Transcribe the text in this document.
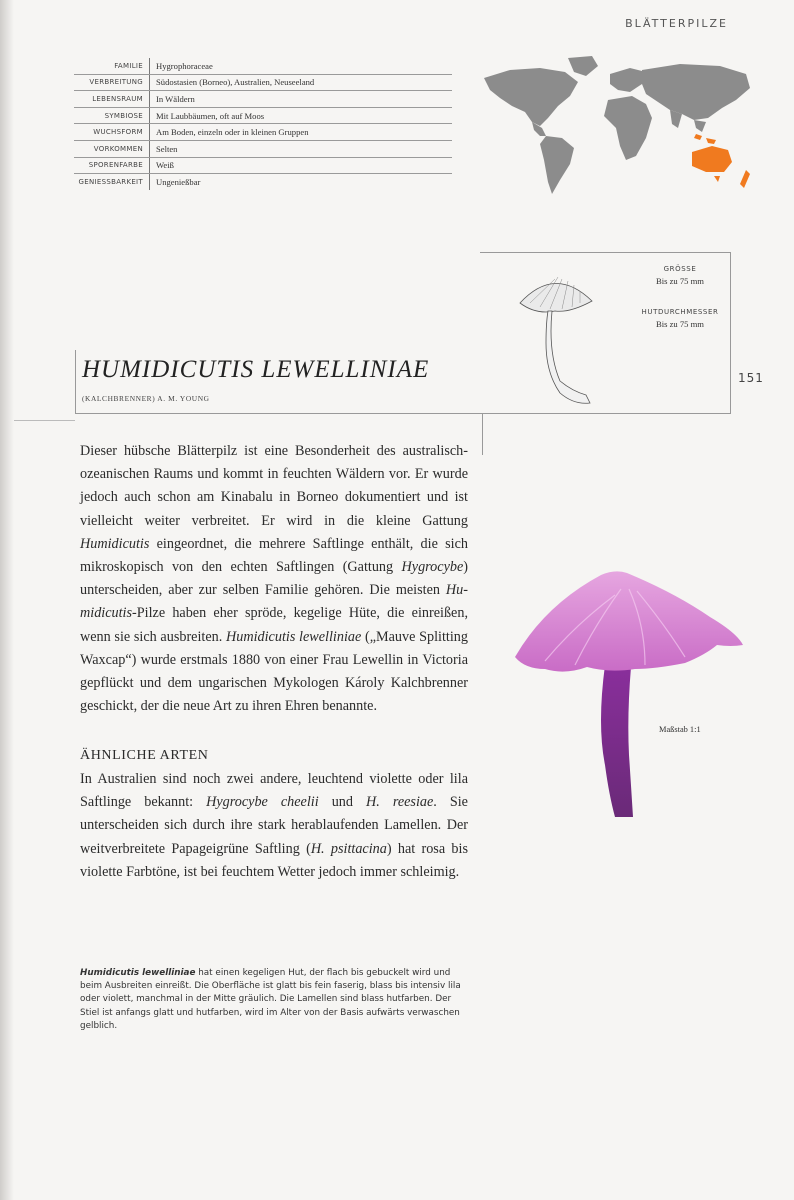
BLÄTTERPILZE
151
FAMILIE	Hygrophoraceae
VERBREITUNG	Südostasien (Borneo), Australien, Neuseeland
LEBENSRAUM	In Wäldern
SYMBIOSE	Mit Laubbäumen, oft auf Moos
WUCHSFORM	Am Boden, einzeln oder in kleinen Gruppen
VORKOMMEN	Selten
SPORENFARBE	Weiß
GENIESSBARKEIT	Ungenießbar
GRÖSSE
Bis zu 75 mm
HUTDURCHMESSER
Bis zu 75 mm
HUMIDICUTIS LEWELLINIAE
(KALCHBRENNER) A. M. YOUNG

Dieser hübsche Blätterpilz ist eine Besonderheit des australisch-ozeanischen Raums und kommt in feuchten Wäldern vor. Er wurde jedoch auch schon am Kinabalu in Borneo dokumentiert und ist vielleicht weiter verbreitet. Er wird in die kleine Gattung Humidicutis eingeordnet, die mehrere Saftlinge enthält, die sich mikroskopisch von den echten Saftlingen (Gattung Hygrocybe) unterscheiden, aber zur selben Familie gehören. Die meisten Humidicutis-Pilze haben eher spröde, kegelige Hüte, die einreißen, wenn sie sich ausbreiten. Humidicutis lewelliniae („Mauve Splitting Waxcap“) wurde erstmals 1880 von einer Frau Lewellin in Victoria gepflückt und dem ungarischen Mykologen Károly Kalchbrenner geschickt, der die neue Art zu ihren Ehren benannte.

ÄHNLICHE ARTEN

In Australien sind noch zwei andere, leuchtend violette oder lila Saftlinge bekannt: Hygrocybe cheelii und H. reesiae. Sie unterscheiden sich durch ihre stark herablaufenden Lamellen. Der weitverbreitete Papageigrüne Saftling (H. psittacina) hat rosa bis violette Farbtöne, ist bei feuchtem Wetter jedoch immer schleimig.

Maßstab 1:1
Humidicutis lewelliniae hat einen kegeligen Hut, der flach bis gebuckelt wird und beim Ausbreiten einreißt. Die Oberfläche ist glatt bis fein faserig, blass bis intensiv lila oder violett, manchmal in der Mitte gräulich. Die Lamellen sind blass hutfarben. Der Stiel ist anfangs glatt und hutfarben, wird im Alter von der Basis aufwärts verwaschen gelblich.
